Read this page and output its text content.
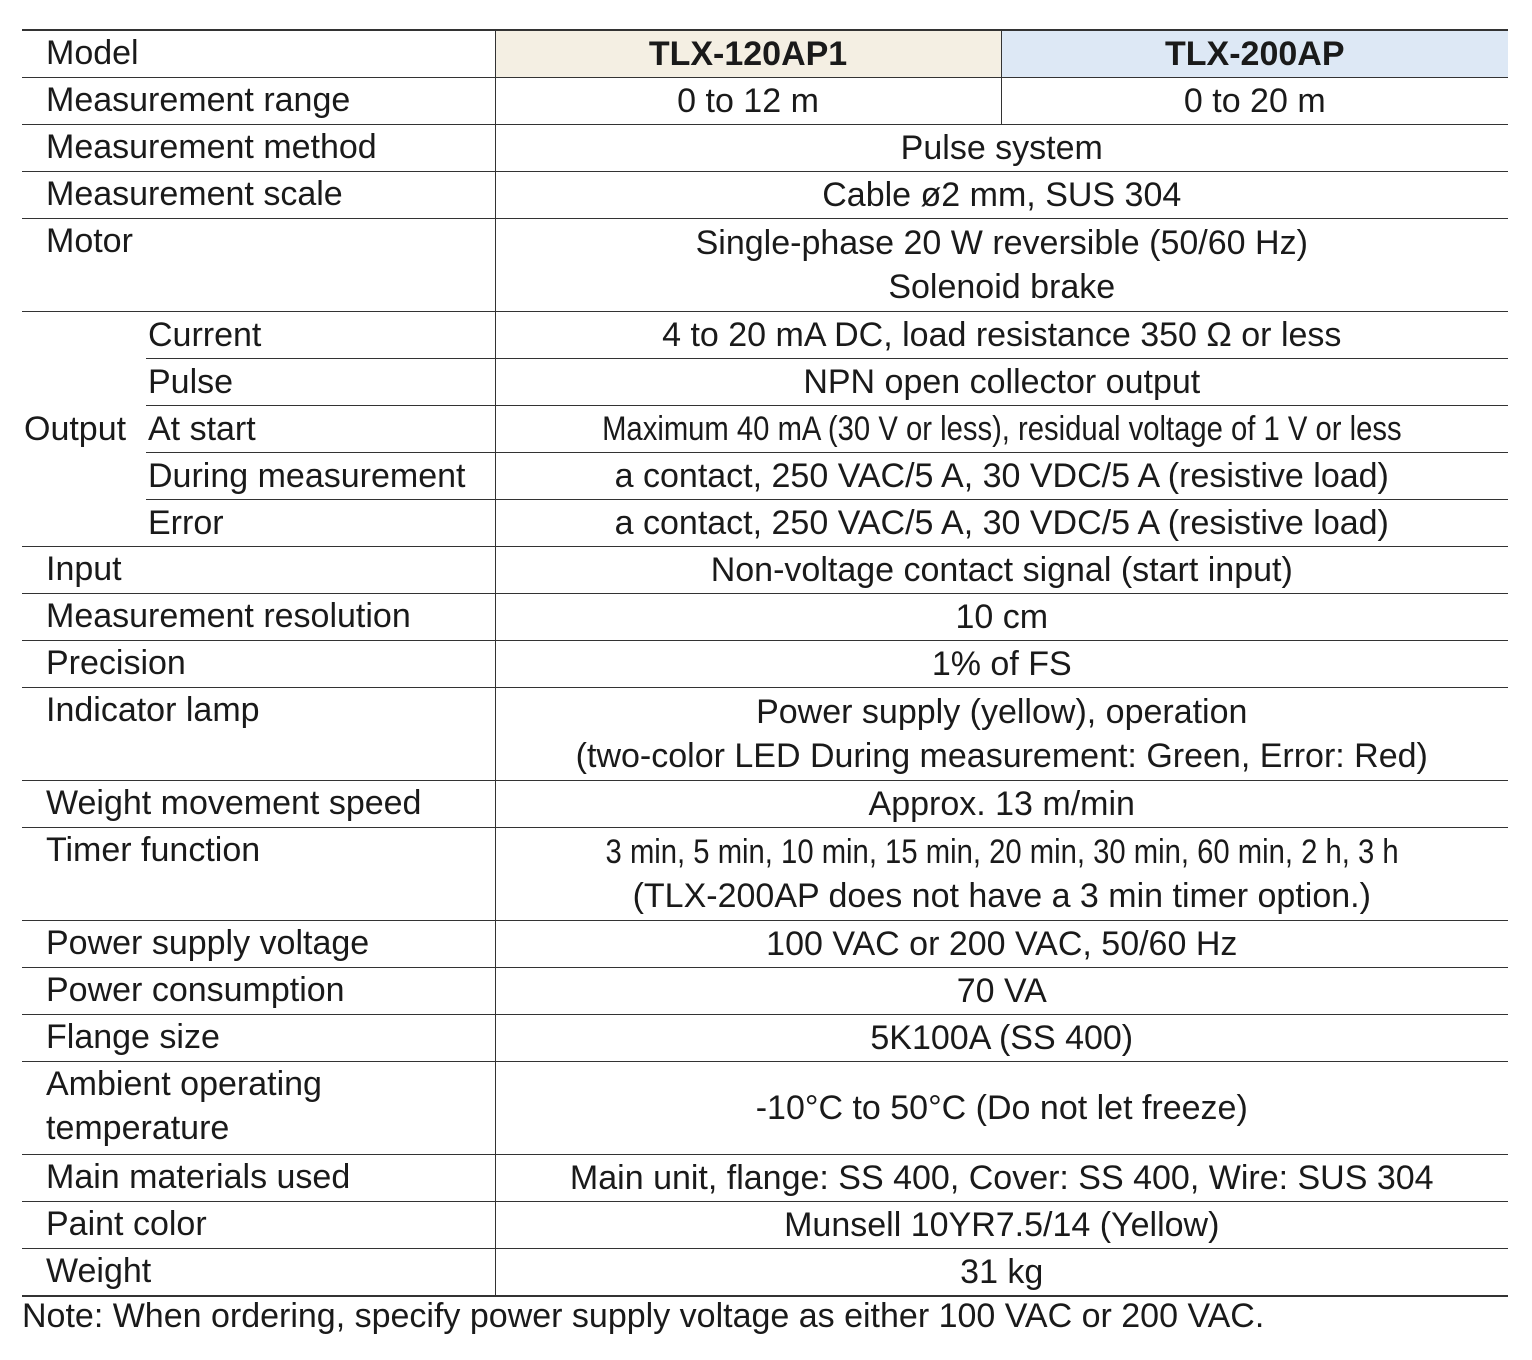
Model		TLX-120AP1	TLX-200AP
Measurement range		0 to 12 m	0 to 20 m
Measurement method		Pulse system	
Measurement scale		Cable ø2 mm, SUS 304	
Motor		Single-phase 20 W reversible (50/60 Hz)
Solenoid brake	

Output	Current	4 to 20 mA DC, load resistance 350 Ω or less	
	Pulse	NPN open collector output	
	At start	Maximum 40 mA (30 V or less), residual voltage of 1 V or less	
	During measurement	a contact, 250 VAC/5 A, 30 VDC/5 A (resistive load)	
	Error	a contact, 250 VAC/5 A, 30 VDC/5 A (resistive load)	
Input		Non-voltage contact signal (start input)	
Measurement resolution		10 cm	
Precision		1% of FS	
Indicator lamp		Power supply (yellow), operation
(two-color LED During measurement: Green, Error: Red)	

Weight movement speed		Approx. 13 m/min	
Timer function		3 min, 5 min, 10 min, 15 min, 20 min, 30 min, 60 min, 2 h, 3 h
(TLX-200AP does not have a 3 min timer option.)	

Power supply voltage		100 VAC or 200 VAC, 50/60 Hz	
Power consumption		70 VA	
Flange size		5K100A (SS 400)	

Ambient operating
temperature		-10°C to 50°C (Do not let freeze)	
Main materials used		Main unit, flange: SS 400, Cover: SS 400, Wire: SUS 304	
Paint color		Munsell 10YR7.5/14 (Yellow)	
Weight		31 kg	
Note: When ordering, specify power supply voltage as either 100 VAC or 200 VAC.
